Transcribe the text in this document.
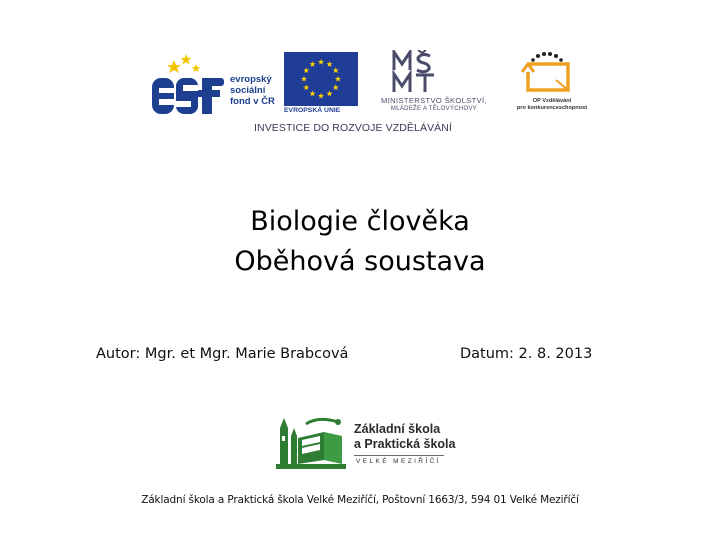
evropský
sociální
fond v ČR
EVROPSKÁ UNIE
MINISTERSTVO ŠKOLSTVÍ,
MLÁDEŽE A TĚLOVÝCHOVY
OP Vzdělávání
pro konkurenceschopnost
INVESTICE DO ROZVOJE VZDĚLÁVÁNÍ
Biologie člověka
Oběhová soustava
Autor: Mgr. et Mgr. Marie Brabcová	Datum: 2. 8. 2013
Základní škola
a Praktická škola
VELKÉ MEZIŘÍČÍ
Základní škola a Praktická škola Velké Meziříčí, Poštovní 1663/3, 594 01 Velké Meziříčí
